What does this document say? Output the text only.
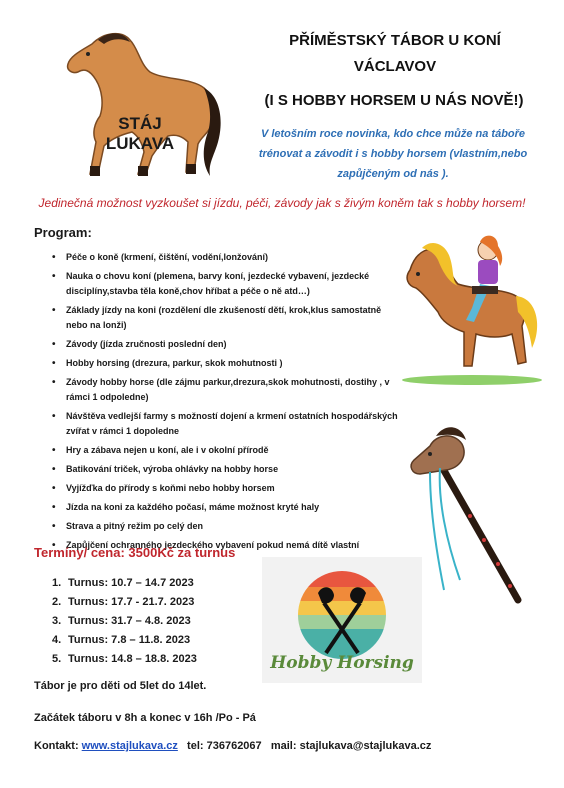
STÁJ
LUKAVA
PŘÍMĚSTSKÝ TÁBOR U KONÍ
VÁCLAVOV
(I S HOBBY HORSEM U NÁS NOVĚ!)
V letošním roce novinka, kdo chce může na táboře
trénovat a závodit i s hobby horsem (vlastním,nebo
zapůjčeným od nás ).
Jedinečná možnost vyzkoušet si jízdu, péči, závody jak s živým koněm tak s hobby horsem!
Program:
• Péče o koně (krmení, čištění, vodění,lonžování)
• Nauka o chovu koní (plemena, barvy koní, jezdecké vybavení, jezdecké disciplíny,stavba těla koně,chov hříbat a péče o ně atd…)
• Základy jízdy na koni (rozdělení dle zkušeností dětí, krok,klus samostatně nebo na lonži)
• Závody (jízda zručnosti poslední den)
• Hobby horsing (drezura, parkur, skok mohutnosti )
• Závody hobby horse (dle zájmu parkur,drezura,skok mohutnosti, dostihy , v rámci 1 odpoledne)
• Návštěva vedlejší farmy s možností dojení a krmení ostatních hospodářských zvířat v rámci 1 dopoledne
• Hry a zábava nejen u koní, ale i v okolní přírodě
• Batikování triček, výroba ohlávky na hobby horse
• Vyjížďka do přírody s koňmi nebo hobby horsem
• Jízda na koni za každého počasí, máme možnost kryté haly
• Strava a pitný režim po celý den
• Zapůjčení ochranného jezdeckého vybavení pokud nemá dítě vlastní
Termíny/ cena: 3500Kč za turnus
1. Turnus: 10.7 – 14.7 2023
2. Turnus: 17.7 - 21.7. 2023
3. Turnus: 31.7 – 4.8. 2023
4. Turnus: 7.8 – 11.8. 2023
5. Turnus: 14.8 – 18.8. 2023	Hobby Horsing
Tábor je pro děti od 5let do 14let.
Začátek táboru v 8h a konec v 16h /Po - Pá
Kontakt: www.stajlukava.cz tel: 736762067 mail: stajlukava@stajlukava.cz
